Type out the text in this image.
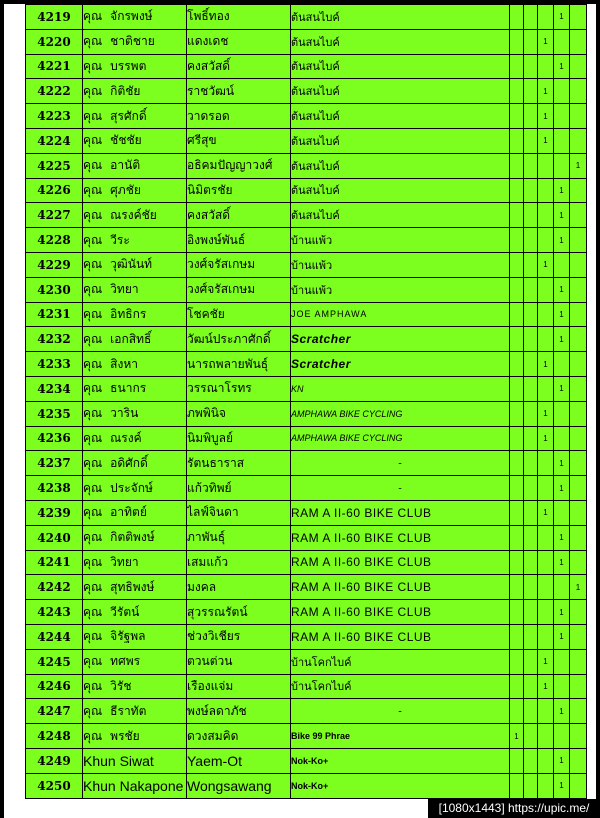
4219	คุณ จักรพงษ์	โพธิ์ทอง	ต้นสนไบค์				1	
4220	คุณ ชาติชาย	แดงเดช	ต้นสนไบค์			1		
4221	คุณ บรรพต	คงสวัสดิ์	ต้นสนไบค์				1	
4222	คุณ กิติชัย	ราชวัฒน์	ต้นสนไบค์			1		
4223	คุณ สุรศักดิ์	วาดรอด	ต้นสนไบค์			1		
4224	คุณ ชัชชัย	ศรีสุข	ต้นสนไบค์			1		
4225	คุณ อานัติ	อธิคมปัญญาวงศ์	ต้นสนไบค์					1
4226	คุณ ศุภชัย	นิมิตรชัย	ต้นสนไบค์				1	
4227	คุณ ณรงค์ชัย	คงสวัสดิ์	ต้นสนไบค์				1	
4228	คุณ วีระ	อิงพงษ์พันธ์	บ้านแพ้ว				1	
4229	คุณ วุฒินันท์	วงศ์จรัสเกษม	บ้านแพ้ว			1		
4230	คุณ วิทยา	วงศ์จรัสเกษม	บ้านแพ้ว				1	
4231	คุณ อิทธิกร	โชคชัย	JOE AMPHAWA				1	
4232	คุณ เอกสิทธิ์	วัฒน์ประภาศักดิ์	Scratcher				1	
4233	คุณ สิงหา	นารถพลายพันธุ์	Scratcher			1		
4234	คุณ ธนากร	วรรณาโรทร	KN				1	
4235	คุณ วาริน	ภพพินิจ	AMPHAWA BIKE CYCLING			1		
4236	คุณ ณรงค์	นิมพิบูลย์	AMPHAWA BIKE CYCLING			1		
4237	คุณ อดิศักดิ์	รัตนธาราส	-				1	
4238	คุณ ประจักษ์	แก้วทิพย์	-				1	
4239	คุณ อาทิตย์	ไลฟ์จินดา	RAM A II-60 BIKE CLUB			1		
4240	คุณ กิตติพงษ์	ภาพันธุ์	RAM A II-60 BIKE CLUB				1	
4241	คุณ วิทยา	เสมแก้ว	RAM A II-60 BIKE CLUB				1	
4242	คุณ สุทธิพงษ์	มงคล	RAM A II-60 BIKE CLUB					1
4243	คุณ วีรัตน์	สุวรรณรัตน์	RAM A II-60 BIKE CLUB				1	
4244	คุณ จิรัฐพล	ช่วงวิเชียร	RAM A II-60 BIKE CLUB				1	
4245	คุณ ทศพร	ตวนต่วน	บ้านโคกไบค์			1		
4246	คุณ วิรัช	เรืองแจ่ม	บ้านโคกไบค์			1		
4247	คุณ ธีราทัต	พงษ์ลดาภัช	-				1	
4248	คุณ พรชัย	ดวงสมคิด	Bike 99 Phrae	1				
4249	Khun Siwat	Yaem-Ot	Nok-Ko+				1	
4250	Khun Nakapone	Wongsawang	Nok-Ko+				1	
[1080x1443] https://upic.me/
